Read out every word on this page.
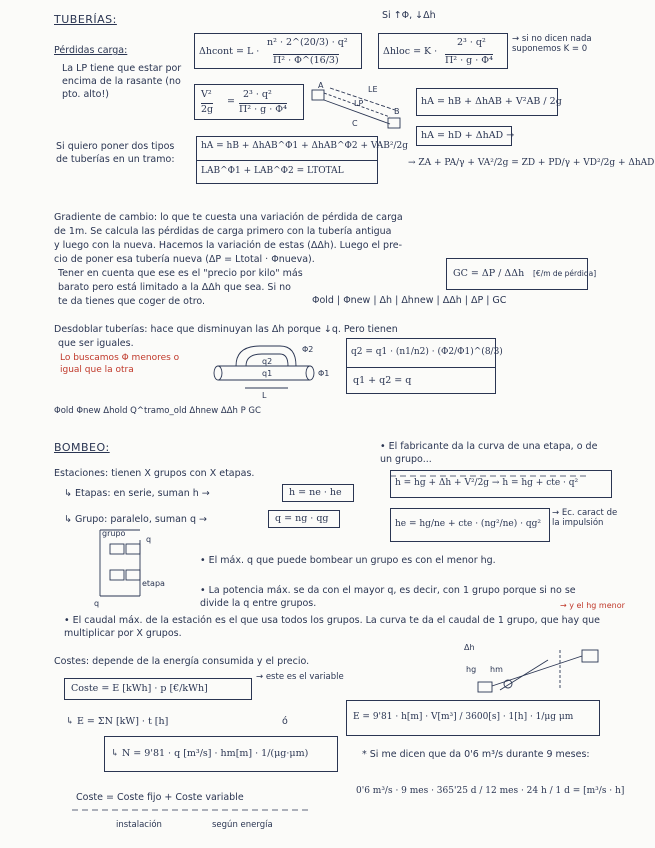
TUBERÍAS:	Si ↑Φ, ↓Δh
Pérdidas carga:	Δhcont = L ·
n² · 2^(20/3) · q²
Π² · Φ^(16/3)
Δhloc = K ·
2³ · q²
Π² · g · Φ⁴
→ si no dicen nada suponemos K = 0
La LP tiene que estar por encima de la rasante (no pto. alto!)	V²
2g
=
2³ · q²
Π² · g · Φ⁴
A	LE
LP
B
C
hA = hB + ΔhAB + V²AB / 2g
hA = hD + ΔhAD →
→ ZA + PA/γ + VA²/2g = ZD + PD/γ + VD²/2g + ΔhAD
Si quiero poner dos tipos de tuberías en un tramo:
hA = hB + ΔhAB^Φ1 + ΔhAB^Φ2 + VAB²/2g
LAB^Φ1 + LAB^Φ2 = LTOTAL
Gradiente de cambio: lo que te cuesta una variación de pérdida de carga
de 1m. Se calcula las pérdidas de carga primero con la tubería antigua
y luego con la nueva. Hacemos la variación de estas (ΔΔh). Luego el pre-
cio de poner esa tubería nueva (ΔP = Ltotal · Φnueva).
Tener en cuenta que ese es el "precio por kilo" más
barato pero está limitado a la ΔΔh que sea. Si no
te da tienes que coger de otro.
GC = ΔP / ΔΔh [€/m de pérdida]
Φold | Φnew | Δh | Δhnew | ΔΔh | ΔP | GC
Desdoblar tuberías: hace que disminuyan las Δh porque ↓q. Pero tienen
que ser iguales.
Lo buscamos Φ menores o igual que la otra
Φ2
Φ1
q2
q1
L
q2 = q1 · (n1/n2) · (Φ2/Φ1)^(8/3)
q1 + q2 = q
Φold Φnew Δhold Q^tramo_old Δhnew ΔΔh P GC
BOMBEO:	• El fabricante da la curva de una etapa, o de un grupo...
Estaciones: tienen X grupos con X etapas.
↳ Etapas: en serie, suman h →	h = ne · he
↳ Grupo: paralelo, suman q →	q = ng · qg
h = hg + Δh + V²/2g → h = hg + cte · q²
he = hg/ne + cte · (ng²/ne) · qg²
→ Ec. caract de la impulsión
grupo
q
q
etapa
• El máx. q que puede bombear un grupo es con el menor hg.
• La potencia máx. se da con el mayor q, es decir, con 1 grupo porque si no se divide la q entre grupos.	→ y el hg menor
• El caudal máx. de la estación es el que usa todos los grupos. La curva te da el caudal de 1 grupo, que hay que multiplicar por X grupos.
Costes: depende de la energía consumida y el precio.
Δh
hg hm
Coste = E [kWh] · p [€/kWh]
→ este es el variable
↳ E = ΣN [kW] · t [h]	ó	E = 9'81 · h[m] · V[m³] / 3600[s] · 1[h] · 1/μg μm
↳ N = 9'81 · q [m³/s] · hm[m] · 1/(μg·μm)	* Si me dicen que da 0'6 m³/s durante 9 meses:
0'6 m³/s · 9 mes · 365'25 d / 12 mes · 24 h / 1 d = [m³/s · h]
Coste = Coste fijo + Coste variable
instalación	según energía
